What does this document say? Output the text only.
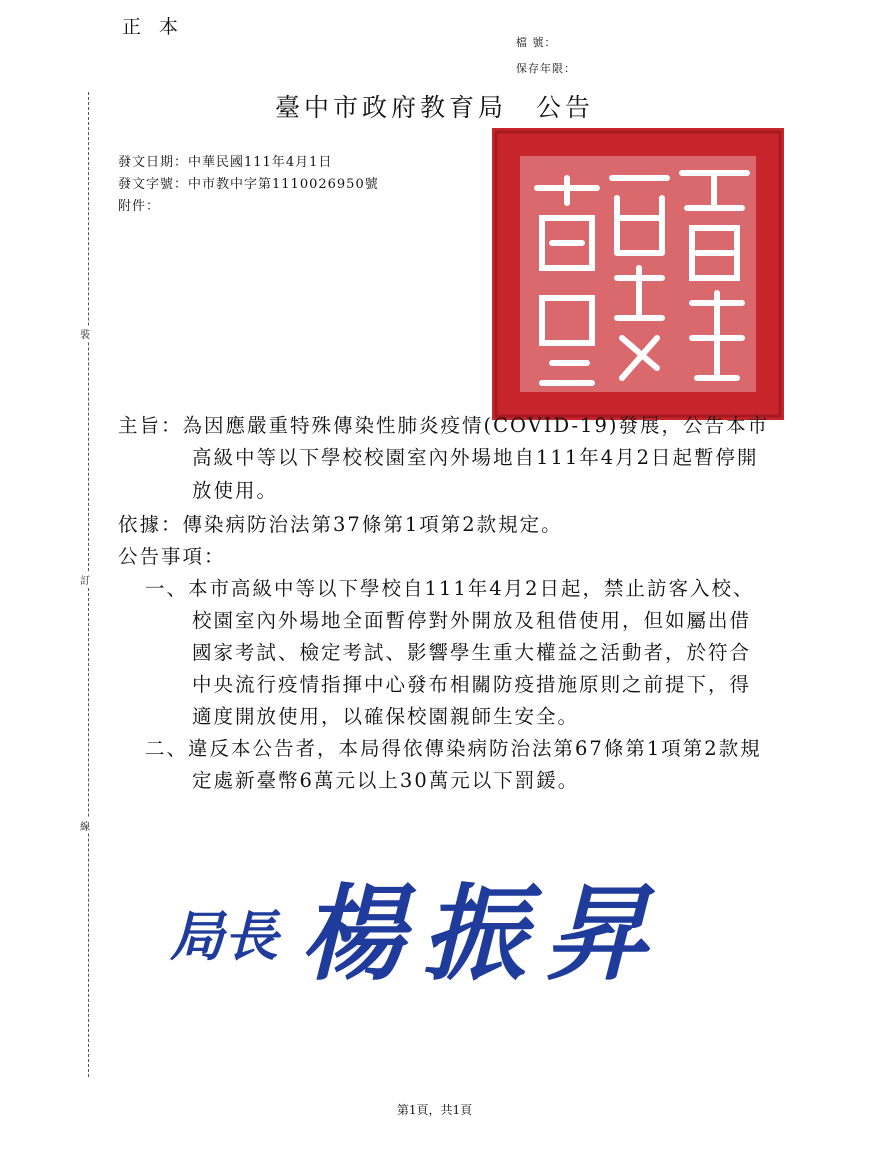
正 本
檔 號：
保存年限：
裝
訂
線
臺中市政府教育局　公告
發文日期：中華民國111年4月1日
發文字號：中市教中字第1110026950號
附件：
主旨：為因應嚴重特殊傳染性肺炎疫情(COVID-19)發展，公告本市
高級中等以下學校校園室內外場地自111年4月2日起暫停開
放使用。
依據：傳染病防治法第37條第1項第2款規定。
公告事項：
一、本市高級中等以下學校自111年4月2日起，禁止訪客入校、
校園室內外場地全面暫停對外開放及租借使用，但如屬出借
國家考試、檢定考試、影響學生重大權益之活動者，於符合
中央流行疫情指揮中心發布相關防疫措施原則之前提下，得
適度開放使用，以確保校園親師生安全。
二、違反本公告者，本局得依傳染病防治法第67條第1項第2款規
定處新臺幣6萬元以上30萬元以下罰鍰。
局長 楊振昇
第1頁，共1頁
